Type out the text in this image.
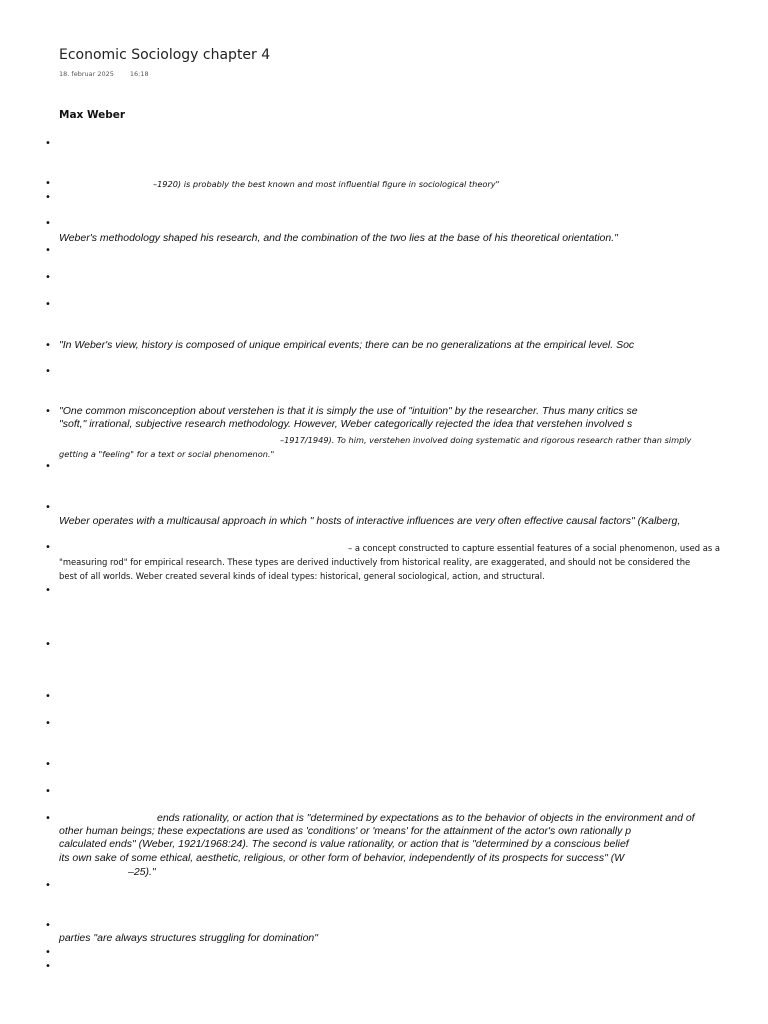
Economic Sociology chapter 4
18. februar 2025 16:18
Max Weber
•
•
•
•
•
•
•
•
•
•
•
•
•
•
•
•
•
•
•
•
•
•
•
•
–1920) is probably the best known and most influential figure in sociological theory"
Weber's methodology shaped his research, and the combination of the two lies at the base of his theoretical orientation."
"In Weber's view, history is composed of unique empirical events; there can be no generalizations at the empirical level. Soc
"One common misconception about verstehen is that it is simply the use of "intuition" by the researcher. Thus many critics se
"soft," irrational, subjective research methodology. However, Weber categorically rejected the idea that verstehen involved s
–1917/1949). To him, verstehen involved doing systematic and rigorous research rather than simply
getting a "feeling" for a text or social phenomenon."
Weber operates with a multicausal approach in which " hosts of interactive influences are very often effective causal factors" (Kalberg,
– a concept constructed to capture essential features of a social phenomenon, used as a
"measuring rod" for empirical research. These types are derived inductively from historical reality, are exaggerated, and should not be considered the
best of all worlds. Weber created several kinds of ideal types: historical, general sociological, action, and structural.
ends rationality, or action that is "determined by expectations as to the behavior of objects in the environment and of
other human beings; these expectations are used as 'conditions' or 'means' for the attainment of the actor's own rationally p
calculated ends" (Weber, 1921/1968:24). The second is value rationality, or action that is "determined by a conscious belief
its own sake of some ethical, aesthetic, religious, or other form of behavior, independently of its prospects for success" (W
–25)."
parties "are always structures struggling for domination"
